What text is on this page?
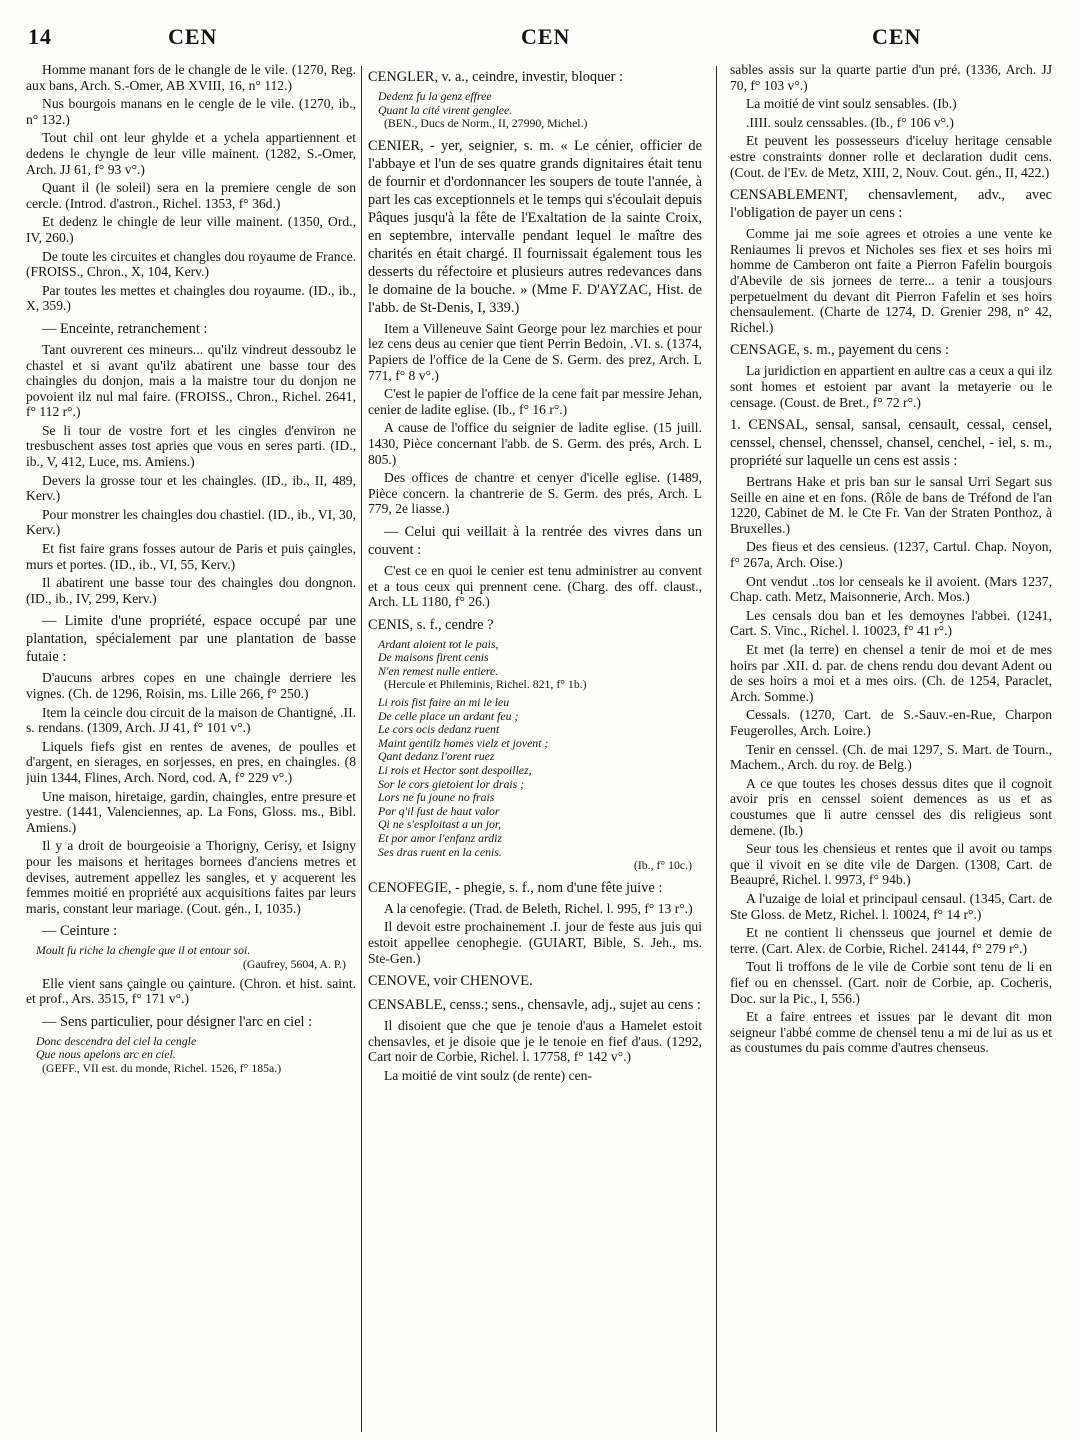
14	CEN	CEN	CEN

Homme manant fors de le changle de le vile. (1270, Reg. aux bans, Arch. S.-Omer, AB XVIII, 16, n° 112.)

Nus bourgois manans en le cengle de le vile. (1270, ib., n° 132.)

Tout chil ont leur ghylde et a ychela appartiennent et dedens le chyngle de leur ville mainent. (1282, S.-Omer, Arch. JJ 61, f° 93 v°.)

Quant il (le soleil) sera en la premiere cengle de son cercle. (Introd. d'astron., Richel. 1353, f° 36d.)

Et dedenz le chingle de leur ville mainent. (1350, Ord., IV, 260.)

De toute les circuites et changles dou royaume de France. (FROISS., Chron., X, 104, Kerv.)

Par toutes les mettes et chaingles dou royaume. (ID., ib., X, 359.)

— Enceinte, retranchement :

Tant ouvrerent ces mineurs... qu'ilz vindreut dessoubz le chastel et si avant qu'ilz abatirent une basse tour des chaingles du donjon, mais a la maistre tour du donjon ne povoient ilz nul mal faire. (FROISS., Chron., Richel. 2641, f° 112 r°.)

Se li tour de vostre fort et les cingles d'environ ne tresbuschent asses tost apries que vous en seres parti. (ID., ib., V, 412, Luce, ms. Amiens.)

Devers la grosse tour et les chaingles. (ID., ib., II, 489, Kerv.)

Pour monstrer les chaingles dou chastiel. (ID., ib., VI, 30, Kerv.)

Et fist faire grans fosses autour de Paris et puis çaingles, murs et portes. (ID., ib., VI, 55, Kerv.)

Il abatirent une basse tour des chaingles dou dongnon. (ID., ib., IV, 299, Kerv.)

— Limite d'une propriété, espace occupé par une plantation, spécialement par une plantation de basse futaie :

D'aucuns arbres copes en une chaingle derriere les vignes. (Ch. de 1296, Roisin, ms. Lille 266, f° 250.)

Item la ceincle dou circuit de la maison de Chantigné, .II. s. rendans. (1309, Arch. JJ 41, f° 101 v°.)

Liquels fiefs gist en rentes de avenes, de poulles et d'argent, en sierages, en sorjesses, en pres, en chaingles. (8 juin 1344, Flines, Arch. Nord, cod. A, f° 229 v°.)

Une maison, hiretaige, gardin, chaingles, entre presure et yestre. (1441, Valenciennes, ap. La Fons, Gloss. ms., Bibl. Amiens.)

Il y a droit de bourgeoisie a Thorigny, Cerisy, et Isigny pour les maisons et heritages bornees d'anciens metres et devises, autrement appellez les sangles, et y acquerent les femmes moitié en propriété aux acquisitions faites par leurs maris, constant leur mariage. (Cout. gén., I, 1035.)

— Ceinture :

Moult fu riche la chengle que il ot entour soi.
(Gaufrey, 5604, A. P.)

Elle vient sans çaingle ou çainture. (Chron. et hist. saint. et prof., Ars. 3515, f° 171 v°.)

— Sens particulier, pour désigner l'arc en ciel :

Donc descendra del ciel la cengle
Que nous apelons arc en ciel.
(GEFF., VII est. du monde, Richel. 1526, f° 185a.)

CENGLER, v. a., ceindre, investir, bloquer :

Dedenz fu la genz effree
Quant la cité virent genglee.
(BEN., Ducs de Norm., II, 27990, Michel.)

CENIER, - yer, seignier, s. m. « Le cénier, officier de l'abbaye et l'un de ses quatre grands dignitaires était tenu de fournir et d'ordonnancer les soupers de toute l'année, à part les cas exceptionnels et le temps qui s'écoulait depuis Pâques jusqu'à la fête de l'Exaltation de la sainte Croix, en septembre, intervalle pendant lequel le maître des charités en était chargé. Il fournissait également tous les desserts du réfectoire et plusieurs autres redevances dans le domaine de la bouche. » (Mme F. D'AYZAC, Hist. de l'abb. de St-Denis, I, 339.)

Item a Villeneuve Saint George pour lez marchies et pour lez cens deus au cenier que tient Perrin Bedoin, .VI. s. (1374, Papiers de l'office de la Cene de S. Germ. des prez, Arch. L 771, f° 8 v°.)

C'est le papier de l'office de la cene fait par messire Jehan, cenier de ladite eglise. (Ib., f° 16 r°.)

A cause de l'office du seignier de ladite eglise. (15 juill. 1430, Pièce concernant l'abb. de S. Germ. des prés, Arch. L 805.)

Des offices de chantre et cenyer d'icelle eglise. (1489, Pièce concern. la chantrerie de S. Germ. des prés, Arch. L 779, 2e liasse.)

— Celui qui veillait à la rentrée des vivres dans un couvent :

C'est ce en quoi le cenier est tenu administrer au convent et a tous ceux qui prennent cene. (Charg. des off. claust., Arch. LL 1180, f° 26.)

CENIS, s. f., cendre ?

Ardant aloient tot le pais,
De maisons firent cenis
N'en remest nulle entiere.
(Hercule et Phileminis, Richel. 821, f° 1b.)
Li rois fist faire an mi le leu
De celle place un ardant feu ;
Le cors ocis dedanz ruent
Maint gentilz homes vielz et jovent ;
Qant dedanz l'orent ruez
Li rois et Hector sont despoillez,
Sor le cors gietoient lor drais ;
Lors ne fu joune no frais
Por q'il fust de haut valor
Qi ne s'esploitast a un jor,
Et por amor l'enfanz ardiz
Ses dras ruent en la cenis.
(Ib., f° 10c.)

CENOFEGIE, - phegie, s. f., nom d'une fête juive :

A la cenofegie. (Trad. de Beleth, Richel. l. 995, f° 13 r°.)

Il devoit estre prochainement .I. jour de feste aus juis qui estoit appellee cenophegie. (GUIART, Bible, S. Jeh., ms. Ste-Gen.)

CENOVE, voir CHENOVE.

CENSABLE, censs.; sens., chensavle, adj., sujet au cens :

Il disoient que che que je tenoie d'aus a Hamelet estoit chensavles, et je disoie que je le tenoie en fief d'aus. (1292, Cart noir de Corbie, Richel. l. 17758, f° 142 v°.)

La moitié de vint soulz (de rente) cen-

sables assis sur la quarte partie d'un pré. (1336, Arch. JJ 70, f° 103 v°.)

La moitié de vint soulz sensables. (Ib.)

.IIII. soulz censsables. (Ib., f° 106 v°.)

Et peuvent les possesseurs d'iceluy heritage censable estre constraints donner rolle et declaration dudit cens. (Cout. de l'Ev. de Metz, XIII, 2, Nouv. Cout. gén., II, 422.)

CENSABLEMENT, chensavlement, adv., avec l'obligation de payer un cens :

Comme jai me soie agrees et otroies a une vente ke Reniaumes li prevos et Nicholes ses fiex et ses hoirs mi homme de Camberon ont faite a Pierron Fafelin bourgois d'Abevile de sis jornees de terre... a tenir a tousjours perpetuelment du devant dit Pierron Fafelin et ses hoirs chensaulement. (Charte de 1274, D. Grenier 298, n° 42, Richel.)

CENSAGE, s. m., payement du cens :

La juridiction en appartient en aultre cas a ceux a qui ilz sont homes et estoient par avant la metayerie ou le censage. (Coust. de Bret., f° 72 r°.)

1. CENSAL, sensal, sansal, censault, cessal, censel, censsel, chensel, chenssel, chansel, cenchel, - iel, s. m., propriété sur laquelle un cens est assis :

Bertrans Hake et pris ban sur le sansal Urri Segart sus Seille en aine et en fons. (Rôle de bans de Tréfond de l'an 1220, Cabinet de M. le Cte Fr. Van der Straten Ponthoz, à Bruxelles.)

Des fieus et des censieus. (1237, Cartul. Chap. Noyon, f° 267a, Arch. Oise.)

Ont vendut ..tos lor censeals ke il avoient. (Mars 1237, Chap. cath. Metz, Maisonnerie, Arch. Mos.)

Les censals dou ban et les demoynes l'abbei. (1241, Cart. S. Vinc., Richel. l. 10023, f° 41 r°.)

Et met (la terre) en chensel a tenir de moi et de mes hoirs par .XII. d. par. de chens rendu dou devant Adent ou de ses hoirs a moi et a mes oirs. (Ch. de 1254, Paraclet, Arch. Somme.)

Cessals. (1270, Cart. de S.-Sauv.-en-Rue, Charpon Feugerolles, Arch. Loire.)

Tenir en censsel. (Ch. de mai 1297, S. Mart. de Tourn., Machem., Arch. du roy. de Belg.)

A ce que toutes les choses dessus dites que il cognoit avoir pris en censsel soient demences as us et as coustumes que li autre censsel des dis religieus sont demene. (Ib.)

Seur tous les chensieus et rentes que il avoit ou tamps que il vivoit en se dite vile de Dargen. (1308, Cart. de Beaupré, Richel. l. 9973, f° 94b.)

A l'uzaige de loial et principaul censaul. (1345, Cart. de Ste Gloss. de Metz, Richel. l. 10024, f° 14 r°.)

Et ne contient li chensseus que journel et demie de terre. (Cart. Alex. de Corbie, Richel. 24144, f° 279 r°.)

Tout li troffons de le vile de Corbie sont tenu de li en fief ou en chenssel. (Cart. noir de Corbie, ap. Cocheris, Doc. sur la Pic., I, 556.)

Et a faire entrees et issues par le devant dit mon seigneur l'abbé comme de chensel tenu a mi de lui as us et as coustumes du pais comme d'autres chenseus.
